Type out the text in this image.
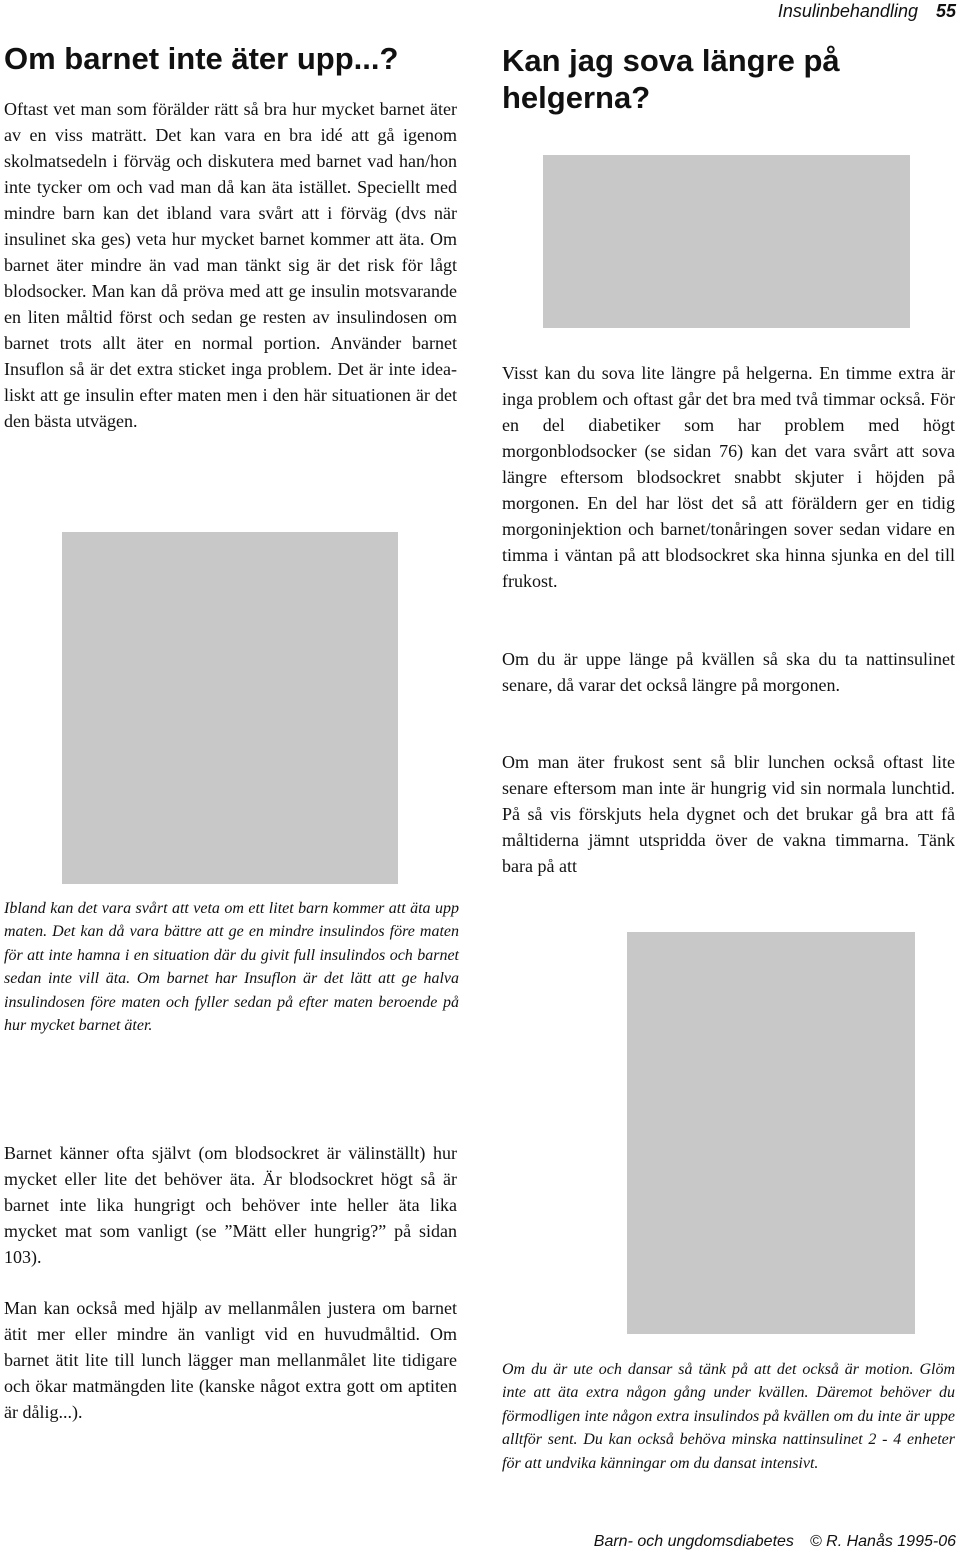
Insulinbehandling 55
Om barnet inte äter upp...?

Oftast vet man som förälder rätt så bra hur mycket barnet äter av en viss maträtt. Det kan vara en bra idé att gå igenom skolmatsedeln i förväg och diskutera med barnet vad han/hon inte tycker om och vad man då kan äta istället. Speciellt med mindre barn kan det ibland vara svårt att i förväg (dvs när insulinet ska ges) veta hur mycket barnet kommer att äta. Om barnet äter mindre än vad man tänkt sig är det risk för lågt blodsocker. Man kan då pröva med att ge insulin motsvarande en liten måltid först och sedan ge resten av insulindosen om barnet trots allt äter en normal portion. Använder barnet Insuflon så är det extra sticket inga problem. Det är inte idealiskt att ge insulin efter maten men i den här situationen är det den bästa utvägen.

Ibland kan det vara svårt att veta om ett litet barn kommer att äta upp maten. Det kan då vara bättre att ge en mindre insulindos före maten för att inte hamna i en situation där du givit full insulindos och barnet sedan inte vill äta. Om barnet har Insuflon är det lätt att ge halva insulindosen före maten och fyller sedan på efter maten beroende på hur mycket barnet äter.

Barnet känner ofta självt (om blodsockret är välinställt) hur mycket eller lite det behöver äta. Är blodsockret högt så är barnet inte lika hungrigt och behöver inte heller äta lika mycket mat som vanligt (se ”Mätt eller hungrig?” på sidan 103).

Man kan också med hjälp av mellanmålen justera om barnet ätit mer eller mindre än vanligt vid en huvudmåltid. Om barnet ätit lite till lunch lägger man mellanmålet lite tidigare och ökar matmängden lite (kanske något extra gott om aptiten är dålig...).

Kan jag sova längre på helgerna?

Visst kan du sova lite längre på helgerna. En timme extra är inga problem och oftast går det bra med två timmar också. För en del diabetiker som har problem med högt morgonblodsocker (se sidan 76) kan det vara svårt att sova längre eftersom blodsockret snabbt skjuter i höjden på morgonen. En del har löst det så att föräldern ger en tidig morgoninjektion och barnet/tonåringen sover sedan vidare en timma i väntan på att blodsockret ska hinna sjunka en del till frukost.

Om du är uppe länge på kvällen så ska du ta nattinsulinet senare, då varar det också längre på morgonen.

Om man äter frukost sent så blir lunchen också oftast lite senare eftersom man inte är hungrig vid sin normala lunchtid. På så vis förskjuts hela dygnet och det brukar gå bra att få måltiderna jämnt utspridda över de vakna timmarna. Tänk bara på att

Om du är ute och dansar så tänk på att det också är motion. Glöm inte att äta extra någon gång under kvällen. Däremot behöver du förmodligen inte någon extra insulindos på kvällen om du inte är uppe alltför sent. Du kan också behöva minska nattinsulinet 2 - 4 enheter för att undvika känningar om du dansat intensivt.

Barn- och ungdomsdiabetes © R. Hanås 1995-06
